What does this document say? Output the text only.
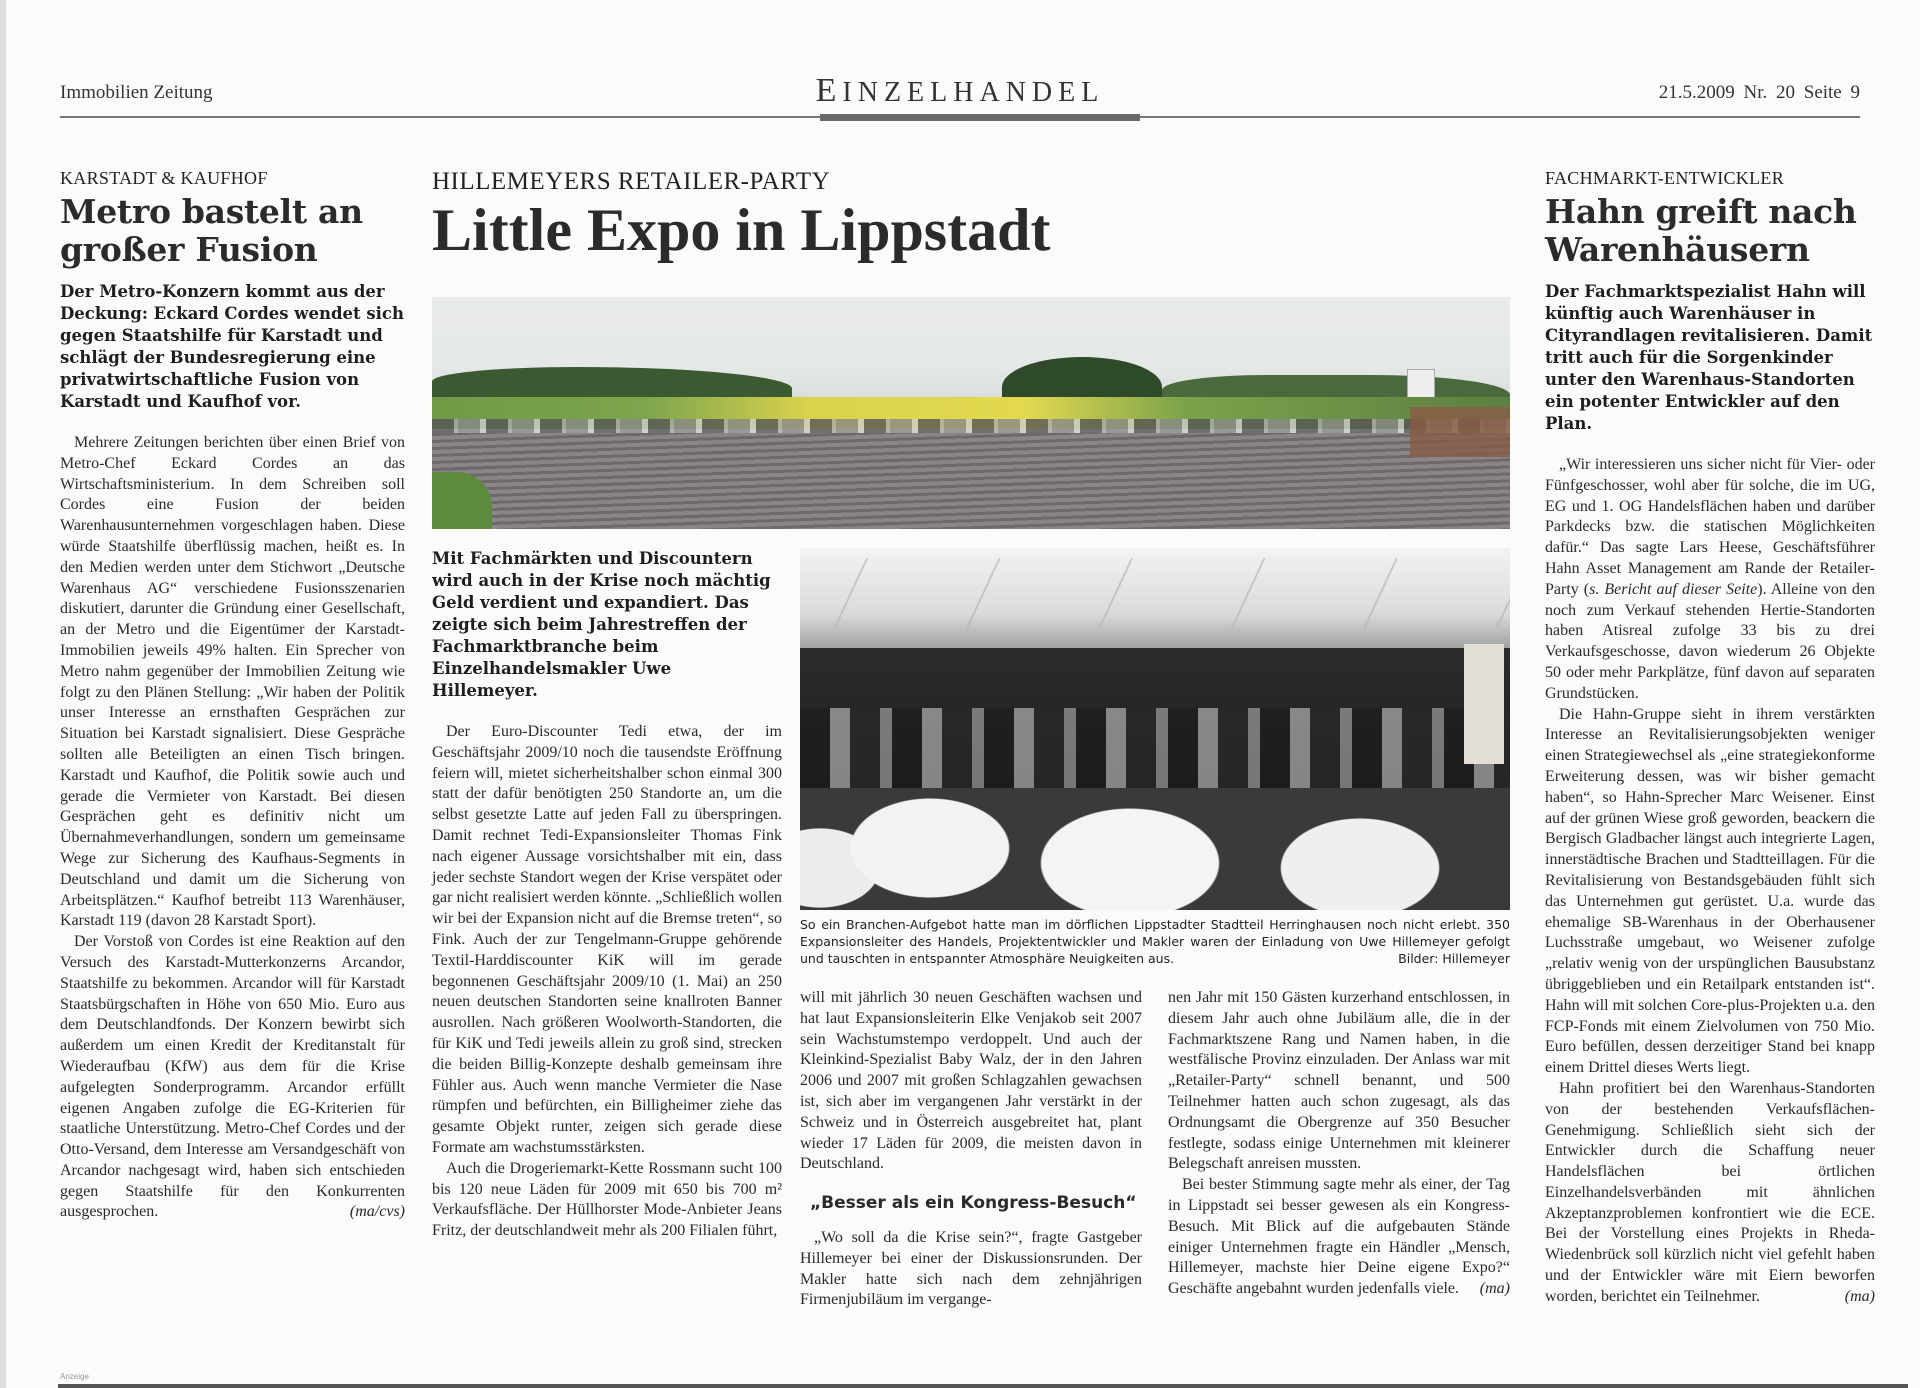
Immobilien Zeitung	EINZELHANDEL	21.5.2009 Nr. 20 Seite 9
KARSTADT & KAUFHOF
Metro bastelt an großer Fusion
Der Metro-Konzern kommt aus der Deckung: Eckard Cordes wendet sich gegen Staatshilfe für Karstadt und schlägt der Bundesregierung eine privatwirtschaftliche Fusion von Karstadt und Kaufhof vor.

Mehrere Zeitungen berichten über einen Brief von Metro-Chef Eckard Cordes an das Wirtschaftsministerium. In dem Schreiben soll Cordes eine Fusion der beiden Warenhausunternehmen vorgeschlagen haben. Diese würde Staatshilfe überflüssig machen, heißt es. In den Medien werden unter dem Stichwort „Deutsche Warenhaus AG“ verschiedene Fusionsszenarien diskutiert, darunter die Gründung einer Gesellschaft, an der Metro und die Eigentümer der Karstadt-Immobilien jeweils 49% halten. Ein Sprecher von Metro nahm gegenüber der Immobilien Zeitung wie folgt zu den Plänen Stellung: „Wir haben der Politik unser Interesse an ernsthaften Gesprächen zur Situation bei Karstadt signalisiert. Diese Gespräche sollten alle Beteiligten an einen Tisch bringen. Karstadt und Kaufhof, die Politik sowie auch und gerade die Vermieter von Karstadt. Bei diesen Gesprächen geht es definitiv nicht um Übernahmeverhandlungen, sondern um gemeinsame Wege zur Sicherung des Kaufhaus-Segments in Deutschland und damit um die Sicherung von Arbeitsplätzen.“ Kaufhof betreibt 113 Warenhäuser, Karstadt 119 (davon 28 Karstadt Sport).

Der Vorstoß von Cordes ist eine Reaktion auf den Versuch des Karstadt-Mutterkonzerns Arcandor, Staatshilfe zu bekommen. Arcandor will für Karstadt Staatsbürgschaften in Höhe von 650 Mio. Euro aus dem Deutschlandfonds. Der Konzern bewirbt sich außerdem um einen Kredit der Kreditanstalt für Wiederaufbau (KfW) aus dem für die Krise aufgelegten Sonderprogramm. Arcandor erfüllt eigenen Angaben zufolge die EG-Kriterien für staatliche Unterstützung. Metro-Chef Cordes und der Otto-Versand, dem Interesse am Versandgeschäft von Arcandor nachgesagt wird, haben sich entschieden gegen Staatshilfe für den Konkurrenten ausgesprochen.	(ma/cvs)

HILLEMEYERS RETAILER-PARTY
Little Expo in Lippstadt
Mit Fachmärkten und Discountern wird auch in der Krise noch mächtig Geld verdient und expandiert. Das zeigte sich beim Jahrestreffen der Fachmarktbranche beim Einzelhandelsmakler Uwe Hillemeyer.

Der Euro-Discounter Tedi etwa, der im Geschäftsjahr 2009/10 noch die tausendste Eröffnung feiern will, mietet sicherheitshalber schon einmal 300 statt der dafür benötigten 250 Standorte an, um die selbst gesetzte Latte auf jeden Fall zu überspringen. Damit rechnet Tedi-Expansionsleiter Thomas Fink nach eigener Aussage vorsichtshalber mit ein, dass jeder sechste Standort wegen der Krise verspätet oder gar nicht realisiert werden könnte. „Schließlich wollen wir bei der Expansion nicht auf die Bremse treten“, so Fink. Auch der zur Tengelmann-Gruppe gehörende Textil-Harddiscounter KiK will im gerade begonnenen Geschäftsjahr 2009/10 (1. Mai) an 250 neuen deutschen Standorten seine knallroten Banner ausrollen. Nach größeren Woolworth-Standorten, die für KiK und Tedi jeweils allein zu groß sind, strecken die beiden Billig-Konzepte deshalb gemeinsam ihre Fühler aus. Auch wenn manche Vermieter die Nase rümpfen und befürchten, ein Billigheimer ziehe das gesamte Objekt runter, zeigen sich gerade diese Formate am wachstumsstärksten.

Auch die Drogeriemarkt-Kette Rossmann sucht 100 bis 120 neue Läden für 2009 mit 650 bis 700 m² Verkaufsfläche. Der Hüllhorster Mode-Anbieter Jeans Fritz, der deutschlandweit mehr als 200 Filialen führt,

So ein Branchen-Aufgebot hatte man im dörflichen Lippstadter Stadtteil Herringhausen noch nicht erlebt. 350 Expansionsleiter des Handels, Projektentwickler und Makler waren der Einladung von Uwe Hillemeyer gefolgt und tauschten in entspannter Atmosphäre Neuigkeiten aus.	Bilder: Hillemeyer

will mit jährlich 30 neuen Geschäften wachsen und hat laut Expansionsleiterin Elke Venjakob seit 2007 sein Wachstumstempo verdoppelt. Und auch der Kleinkind-Spezialist Baby Walz, der in den Jahren 2006 und 2007 mit großen Schlagzahlen gewachsen ist, sich aber im vergangenen Jahr verstärkt in der Schweiz und in Österreich ausgebreitet hat, plant wieder 17 Läden für 2009, die meisten davon in Deutschland.

„Besser als ein Kongress-Besuch“

„Wo soll da die Krise sein?“, fragte Gastgeber Hillemeyer bei einer der Diskussionsrunden. Der Makler hatte sich nach dem zehnjährigen Firmenjubiläum im vergange-

nen Jahr mit 150 Gästen kurzerhand entschlossen, in diesem Jahr auch ohne Jubiläum alle, die in der Fachmarktszene Rang und Namen haben, in die westfälische Provinz einzuladen. Der Anlass war mit „Retailer-Party“ schnell benannt, und 500 Teilnehmer hatten auch schon zugesagt, als das Ordnungsamt die Obergrenze auf 350 Besucher festlegte, sodass einige Unternehmen mit kleinerer Belegschaft anreisen mussten.

Bei bester Stimmung sagte mehr als einer, der Tag in Lippstadt sei besser gewesen als ein Kongress-Besuch. Mit Blick auf die aufgebauten Stände einiger Unternehmen fragte ein Händler „Mensch, Hillemeyer, machste hier Deine eigene Expo?“ Geschäfte angebahnt wurden jedenfalls viele.	(ma)

FACHMARKT-ENTWICKLER
Hahn greift nach Warenhäusern
Der Fachmarktspezialist Hahn will künftig auch Warenhäuser in Cityrandlagen revitalisieren. Damit tritt auch für die Sorgenkinder unter den Warenhaus-Standorten ein potenter Entwickler auf den Plan.

„Wir interessieren uns sicher nicht für Vier- oder Fünfgeschosser, wohl aber für solche, die im UG, EG und 1. OG Handelsflächen haben und darüber Parkdecks bzw. die statischen Möglichkeiten dafür.“ Das sagte Lars Heese, Geschäftsführer Hahn Asset Management am Rande der Retailer-Party (s. Bericht auf dieser Seite). Alleine von den noch zum Verkauf stehenden Hertie-Standorten haben Atisreal zufolge 33 bis zu drei Verkaufsgeschosse, davon wiederum 26 Objekte 50 oder mehr Parkplätze, fünf davon auf separaten Grundstücken.

Die Hahn-Gruppe sieht in ihrem verstärkten Interesse an Revitalisierungsobjekten weniger einen Strategiewechsel als „eine strategiekonforme Erweiterung dessen, was wir bisher gemacht haben“, so Hahn-Sprecher Marc Weisener. Einst auf der grünen Wiese groß geworden, beackern die Bergisch Gladbacher längst auch integrierte Lagen, innerstädtische Brachen und Stadtteillagen. Für die Revitalisierung von Bestandsgebäuden fühlt sich das Unternehmen gut gerüstet. U.a. wurde das ehemalige SB-Warenhaus in der Oberhausener Luchsstraße umgebaut, wo Weisener zufolge „relativ wenig von der urspünglichen Bausubstanz übriggeblieben und ein Retailpark entstanden ist“. Hahn will mit solchen Core-plus-Projekten u.a. den FCP-Fonds mit einem Zielvolumen von 750 Mio. Euro befüllen, dessen derzeitiger Stand bei knapp einem Drittel dieses Werts liegt.

Hahn profitiert bei den Warenhaus-Standorten von der bestehenden Verkaufsflächen-Genehmigung. Schließlich sieht sich der Entwickler durch die Schaffung neuer Handelsflächen bei örtlichen Einzelhandelsverbänden mit ähnlichen Akzeptanzproblemen konfrontiert wie die ECE. Bei der Vorstellung eines Projekts in Rheda-Wiedenbrück soll kürzlich nicht viel gefehlt haben und der Entwickler wäre mit Eiern beworfen worden, berichtet ein Teilnehmer.	(ma)

Anzeige
